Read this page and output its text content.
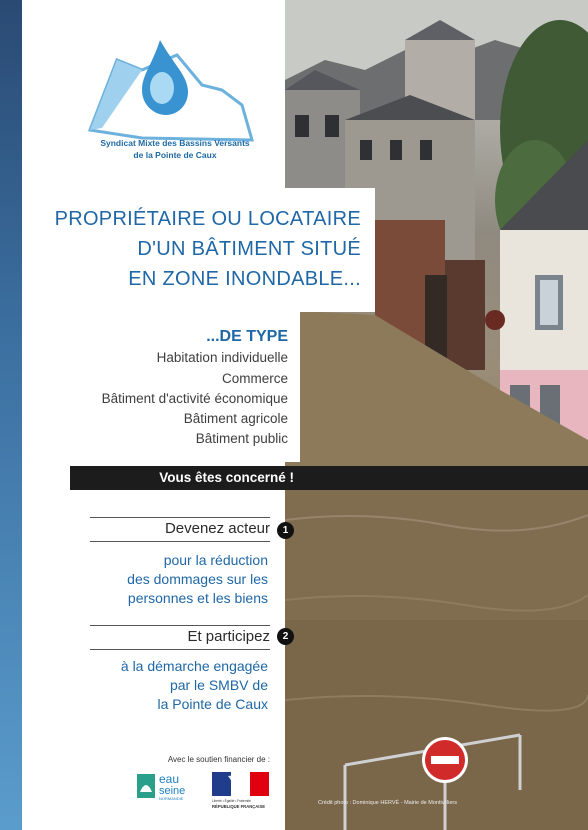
Syndicat Mixte des Bassins Versants
de la Pointe de Caux
PROPRIÉTAIRE OU LOCATAIRE
D'UN BÂTIMENT SITUÉ
EN ZONE INONDABLE...
...DE TYPE
Habitation individuelle
Commerce
Bâtiment d'activité économique
Bâtiment agricole
Bâtiment public
Vous êtes concerné !
Devenez acteur	1
pour la réduction
des dommages sur les
personnes et les biens
Et participez	2
à la démarche engagée
par le SMBV de
la Pointe de Caux
Avec le soutien financier de :
eau
seine
NORMANDIE	Liberté • Égalité • Fraternité
RÉPUBLIQUE FRANÇAISE
Crédit photo : Dominique HERVÉ - Mairie de Montivilliers
